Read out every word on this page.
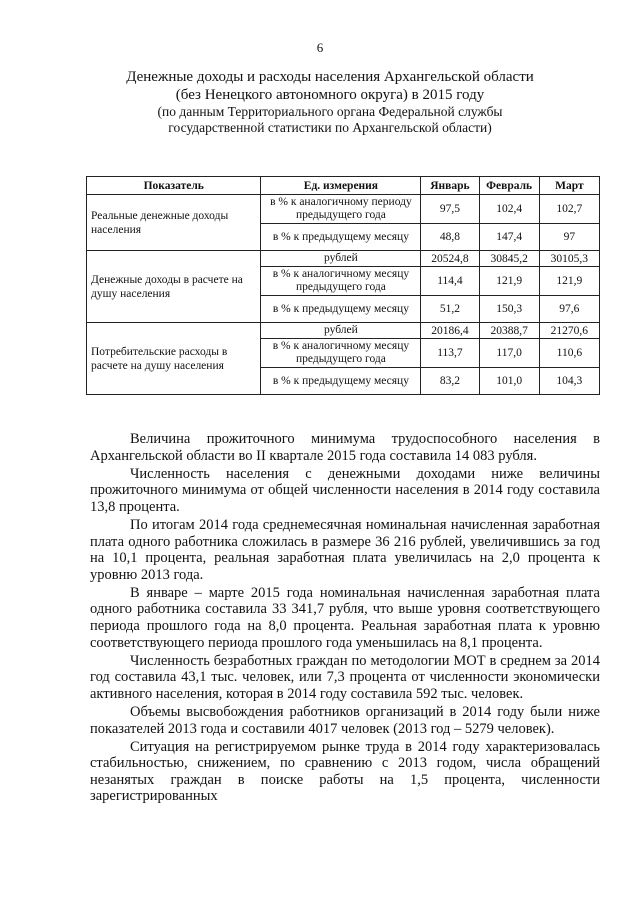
6
Денежные доходы и расходы населения Архангельской области
(без Ненецкого автономного округа) в 2015 году
(по данным Территориального органа Федеральной службы
государственной статистики по Архангельской области)
Показатель	Ед. измерения	Январь	Февраль	Март
Реальные денежные доходы населения	в % к аналогичному периоду предыдущего года	97,5	102,4	102,7
	в % к предыдущему месяцу	48,8	147,4	97
Денежные доходы в расчете на душу населения	рублей	20524,8	30845,2	30105,3
	в % к аналогичному месяцу предыдущего года	114,4	121,9	121,9
	в % к предыдущему месяцу	51,2	150,3	97,6
Потребительские расходы в расчете на душу населения	рублей	20186,4	20388,7	21270,6
	в % к аналогичному месяцу предыдущего года	113,7	117,0	110,6
	в % к предыдущему месяцу	83,2	101,0	104,3

Величина прожиточного минимума трудоспособного населения в Архангельской области во II квартале 2015 года составила 14 083 рубля.

Численность населения с денежными доходами ниже величины прожиточного минимума от общей численности населения в 2014 году составила 13,8 процента.

По итогам 2014 года среднемесячная номинальная начисленная заработная плата одного работника сложилась в размере 36 216 рублей, увеличившись за год на 10,1 процента, реальная заработная плата увеличилась на 2,0 процента к уровню 2013 года.

В январе – марте 2015 года номинальная начисленная заработная плата одного работника составила 33 341,7 рубля, что выше уровня соответствующего периода прошлого года на 8,0 процента. Реальная заработная плата к уровню соответствующего периода прошлого года уменьшилась на 8,1 процента.

Численность безработных граждан по методологии МОТ в среднем за 2014 год составила 43,1 тыс. человек, или 7,3 процента от численности экономически активного населения, которая в 2014 году составила 592 тыс. человек.

Объемы высвобождения работников организаций в 2014 году были ниже показателей 2013 года и составили 4017 человек (2013 год – 5279 человек).

Ситуация на регистрируемом рынке труда в 2014 году характеризовалась стабильностью, снижением, по сравнению с 2013 годом, числа обращений незанятых граждан в поиске работы на 1,5 процента, численности зарегистрированных
